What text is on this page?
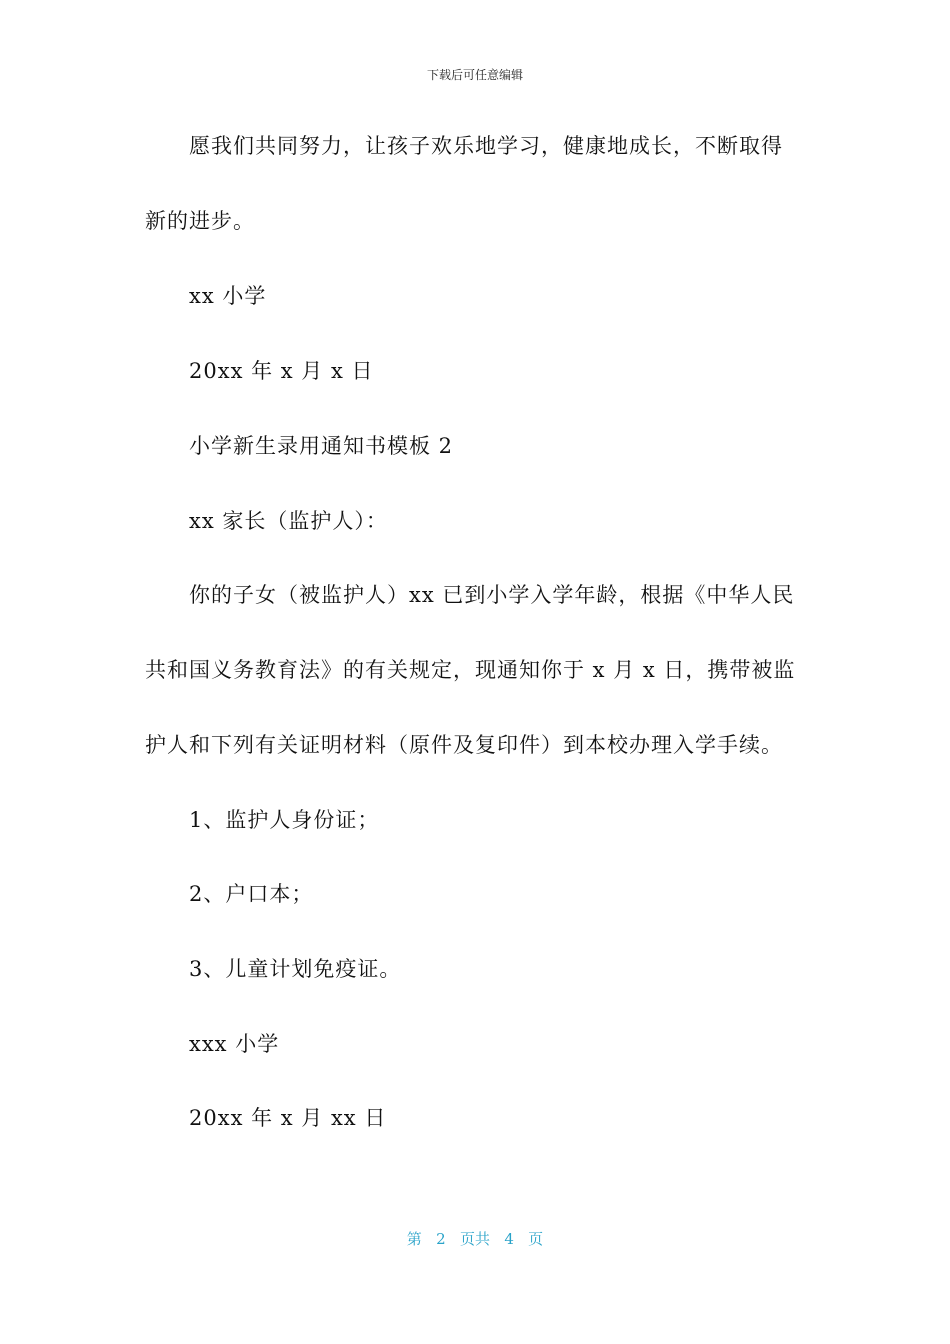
下载后可任意编辑
愿我们共同努力，让孩子欢乐地学习，健康地成长，不断取得
新的进步。
xx 小学
20xx 年 x 月 x 日
小学新生录用通知书模板 2
xx 家长（监护人）：
你的子女（被监护人）xx 已到小学入学年龄，根据《中华人民
共和国义务教育法》的有关规定，现通知你于 x 月 x 日，携带被监
护人和下列有关证明材料（原件及复印件）到本校办理入学手续。
1、监护人身份证；
2、户口本；
3、儿童计划免疫证。
xxx 小学
20xx 年 x 月 xx 日
第 2 页共 4 页
